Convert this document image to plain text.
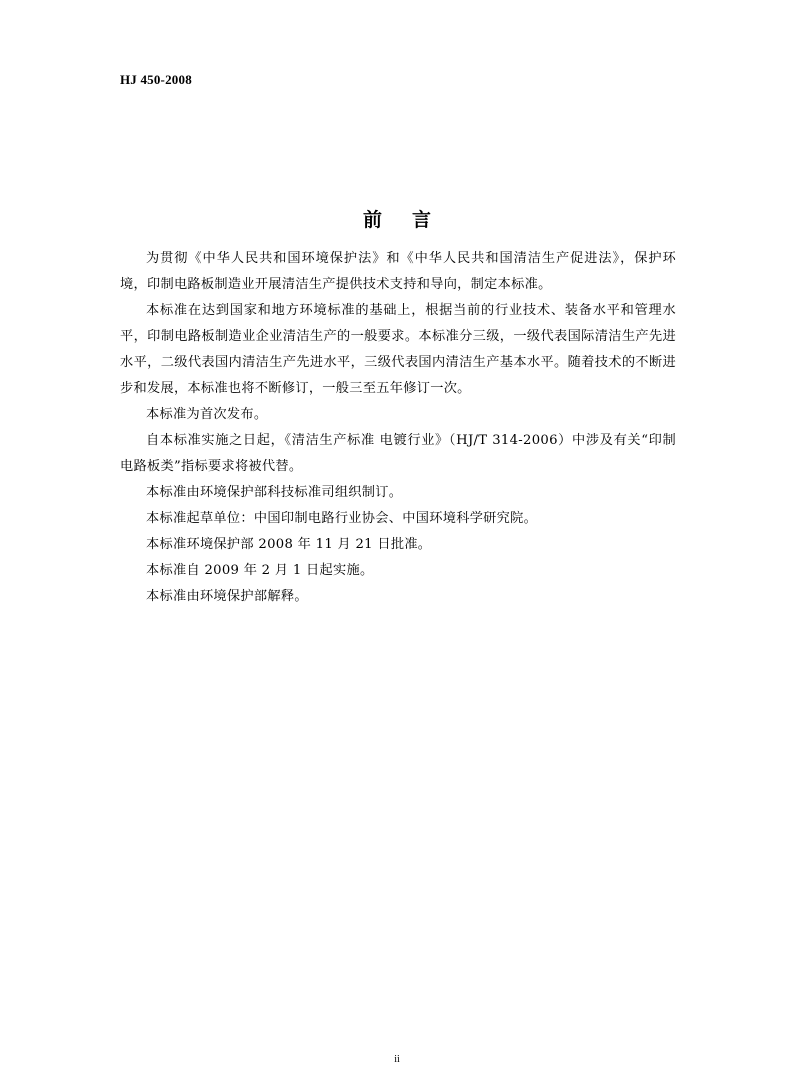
HJ 450-2008
前言

为贯彻《中华人民共和国环境保护法》和《中华人民共和国清洁生产促进法》，保护环境，印制电路板制造业开展清洁生产提供技术支持和导向，制定本标准。

本标准在达到国家和地方环境标准的基础上，根据当前的行业技术、装备水平和管理水平，印制电路板制造业企业清洁生产的一般要求。本标准分三级，一级代表国际清洁生产先进水平，二级代表国内清洁生产先进水平，三级代表国内清洁生产基本水平。随着技术的不断进步和发展，本标准也将不断修订，一般三至五年修订一次。

本标准为首次发布。

自本标准实施之日起，《清洁生产标准 电镀行业》（HJ/T 314-2006）中涉及有关“印制电路板类”指标要求将被代替。

本标准由环境保护部科技标准司组织制订。

本标准起草单位：中国印制电路行业协会、中国环境科学研究院。

本标准环境保护部 2008 年 11 月 21 日批准。

本标准自 2009 年 2 月 1 日起实施。

本标准由环境保护部解释。

ii
